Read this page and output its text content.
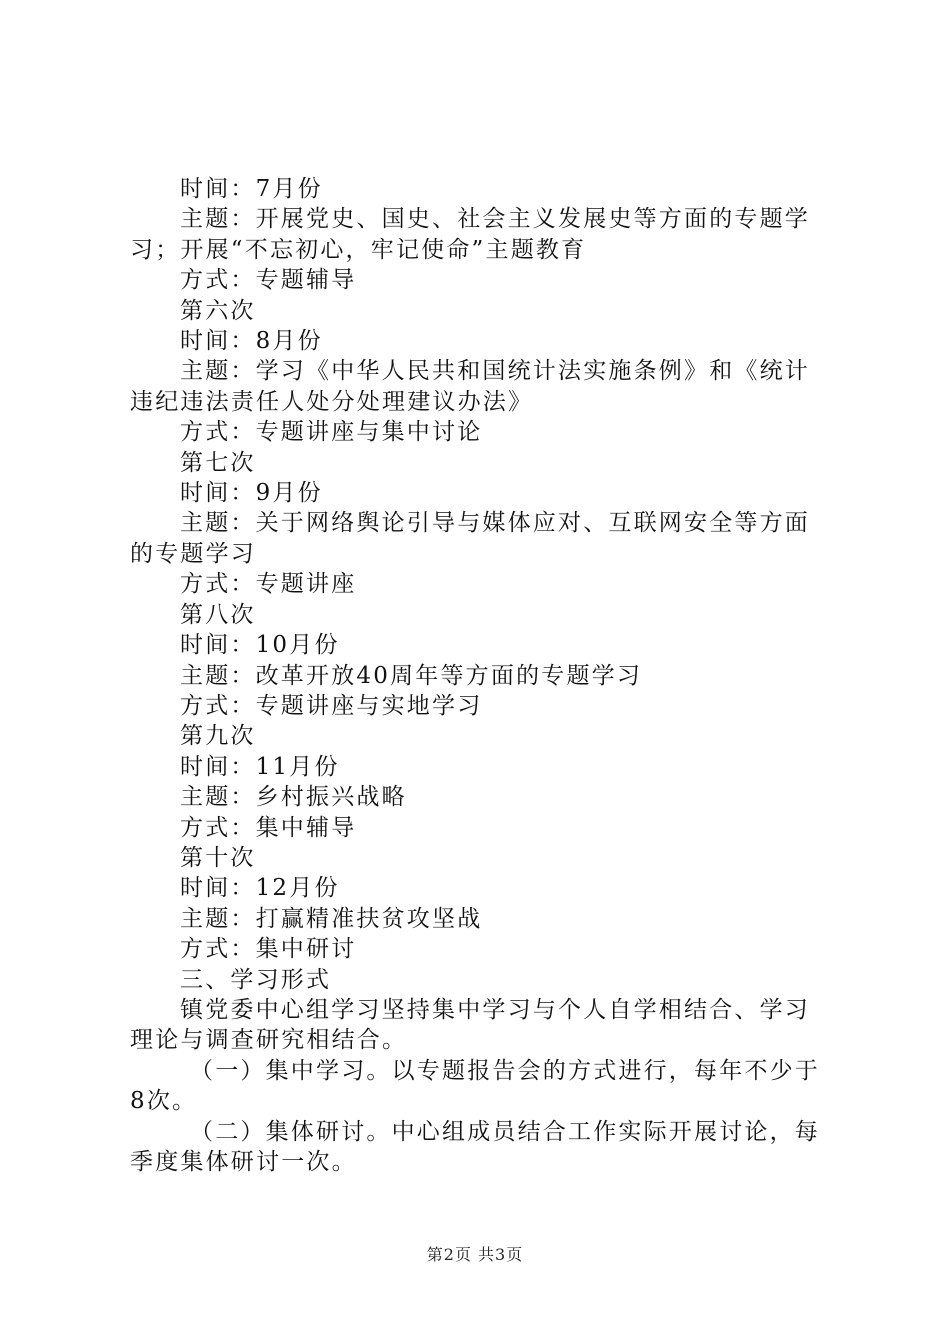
时间：7月份
主题：开展党史、国史、社会主义发展史等方面的专题学习；开展“不忘初心，牢记使命”主题教育
方式：专题辅导
第六次
时间：8月份
主题：学习《中华人民共和国统计法实施条例》和《统计违纪违法责任人处分处理建议办法》
方式：专题讲座与集中讨论
第七次
时间：9月份
主题：关于网络舆论引导与媒体应对、互联网安全等方面的专题学习
方式：专题讲座
第八次
时间：10月份
主题：改革开放40周年等方面的专题学习
方式：专题讲座与实地学习
第九次
时间：11月份
主题：乡村振兴战略
方式：集中辅导
第十次
时间：12月份
主题：打赢精准扶贫攻坚战
方式：集中研讨
三、学习形式
镇党委中心组学习坚持集中学习与个人自学相结合、学习理论与调查研究相结合。
（一）集中学习。以专题报告会的方式进行，每年不少于8次。
（二）集体研讨。中心组成员结合工作实际开展讨论，每季度集体研讨一次。
第2页 共3页
